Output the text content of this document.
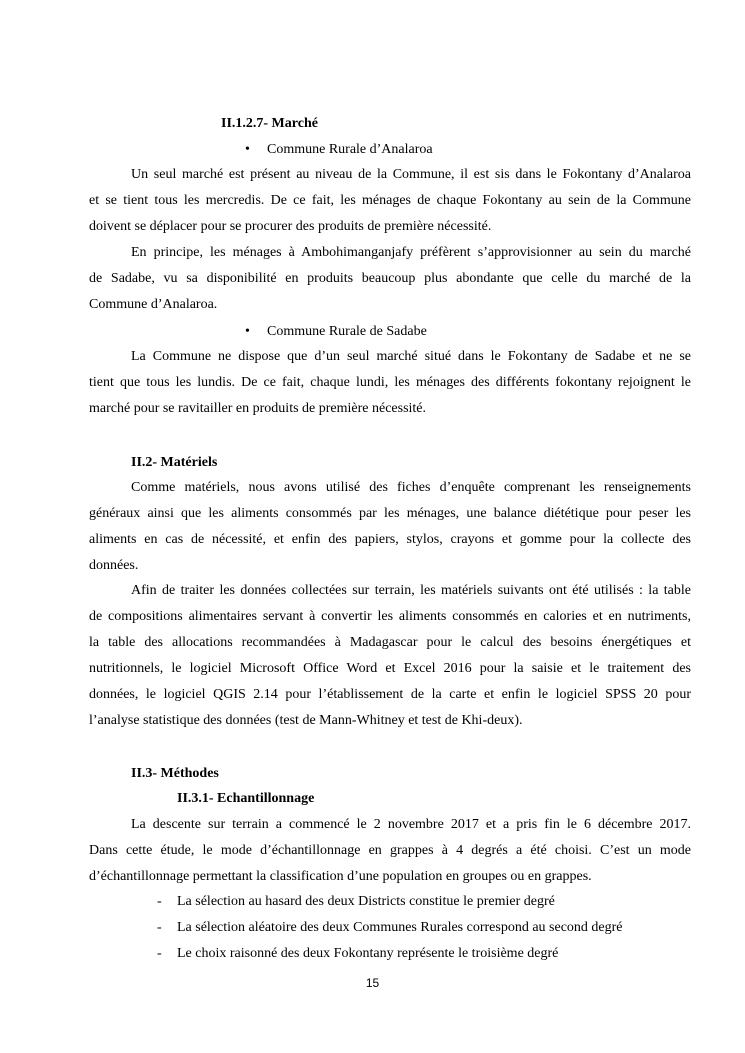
II.1.2.7- Marché
• Commune Rurale d’Analaroa
Un seul marché est présent au niveau de la Commune, il est sis dans le Fokontany d’Analaroa
et se tient tous les mercredis. De ce fait, les ménages de chaque Fokontany au sein de la Commune
doivent se déplacer pour se procurer des produits de première nécessité.
En principe, les ménages à Ambohimanganjafy préfèrent s’approvisionner au sein du marché
de Sadabe, vu sa disponibilité en produits beaucoup plus abondante que celle du marché de la
Commune d’Analaroa.
• Commune Rurale de Sadabe
La Commune ne dispose que d’un seul marché situé dans le Fokontany de Sadabe et ne se
tient que tous les lundis. De ce fait, chaque lundi, les ménages des différents fokontany rejoignent le
marché pour se ravitailler en produits de première nécessité.
II.2- Matériels
Comme matériels, nous avons utilisé des fiches d’enquête comprenant les renseignements
généraux ainsi que les aliments consommés par les ménages, une balance diététique pour peser les
aliments en cas de nécessité, et enfin des papiers, stylos, crayons et gomme pour la collecte des
données.
Afin de traiter les données collectées sur terrain, les matériels suivants ont été utilisés : la table
de compositions alimentaires servant à convertir les aliments consommés en calories et en nutriments,
la table des allocations recommandées à Madagascar pour le calcul des besoins énergétiques et
nutritionnels, le logiciel Microsoft Office Word et Excel 2016 pour la saisie et le traitement des
données, le logiciel QGIS 2.14 pour l’établissement de la carte et enfin le logiciel SPSS 20 pour
l’analyse statistique des données (test de Mann-Whitney et test de Khi-deux).
II.3- Méthodes
II.3.1- Echantillonnage
La descente sur terrain a commencé le 2 novembre 2017 et a pris fin le 6 décembre 2017.
Dans cette étude, le mode d’échantillonnage en grappes à 4 degrés a été choisi. C’est un mode
d’échantillonnage permettant la classification d’une population en groupes ou en grappes.
- La sélection au hasard des deux Districts constitue le premier degré
- La sélection aléatoire des deux Communes Rurales correspond au second degré
- Le choix raisonné des deux Fokontany représente le troisième degré
15
